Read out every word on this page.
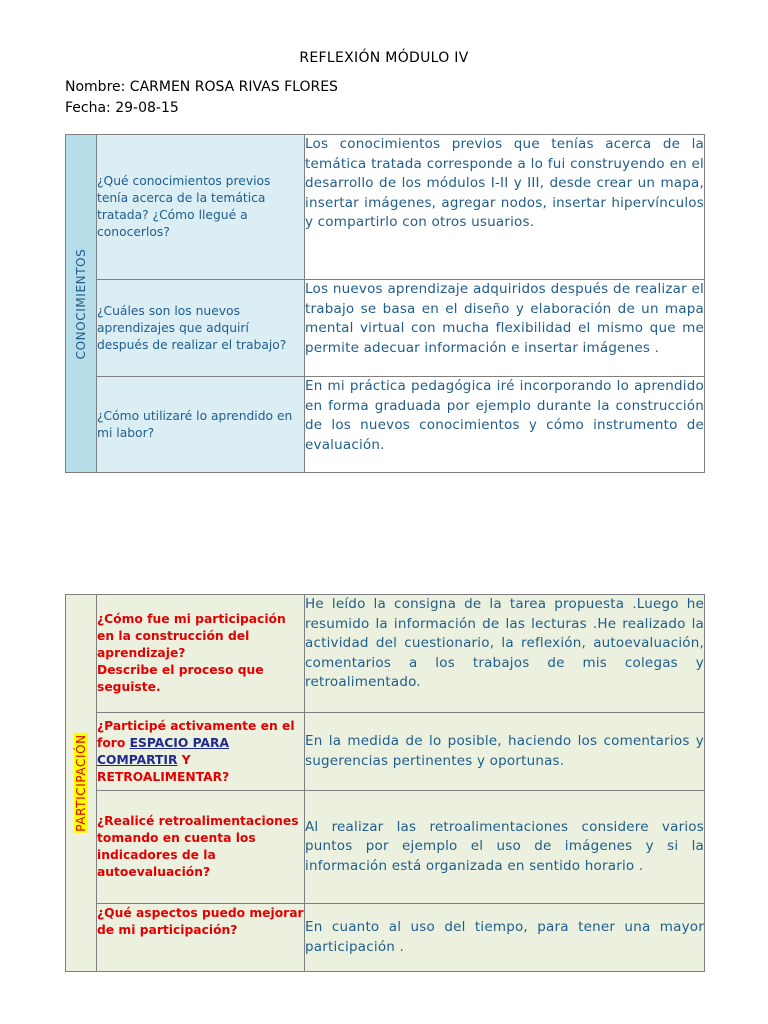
REFLEXIÓN MÓDULO IV
Nombre: CARMEN ROSA RIVAS FLORES
Fecha: 29-08-15
CONOCIMIENTOS	¿Qué conocimientos previos tenía acerca de la temática tratada? ¿Cómo llegué a conocerlos?	Los conocimientos previos que tenías acerca de la temática tratada corresponde a lo fui construyendo en el desarrollo de los módulos I-II y III, desde crear un mapa, insertar imágenes, agregar nodos, insertar hipervínculos y compartirlo con otros usuarios.
	¿Cuáles son los nuevos aprendizajes que adquirí después de realizar el trabajo?	Los nuevos aprendizaje adquiridos después de realizar el trabajo se basa en el diseño y elaboración de un mapa mental virtual con mucha flexibilidad el mismo que me permite adecuar información e insertar imágenes .
	¿Cómo utilizaré lo aprendido en mi labor?	En mi práctica pedagógica iré incorporando lo aprendido en forma graduada por ejemplo durante la construcción de los nuevos conocimientos y cómo instrumento de evaluación.
PARTICIPACIÓN	¿Cómo fue mi participación en la construcción del aprendizaje?
Describe el proceso que seguiste.	He leído la consigna de la tarea propuesta .Luego he resumido la información de las lecturas .He realizado la actividad del cuestionario, la reflexión, autoevaluación, comentarios a los trabajos de mis colegas y retroalimentado.
	¿Participé activamente en el foro ESPACIO PARA
COMPARTIR Y RETROALIMENTAR?	En la medida de lo posible, haciendo los comentarios y sugerencias pertinentes y oportunas.
	¿Realicé retroalimentaciones tomando en cuenta los indicadores de la autoevaluación?	Al realizar las retroalimentaciones considere varios puntos por ejemplo el uso de imágenes y si la información está organizada en sentido horario .
	¿Qué aspectos puedo mejorar de mi participación?	En cuanto al uso del tiempo, para tener una mayor participación .
